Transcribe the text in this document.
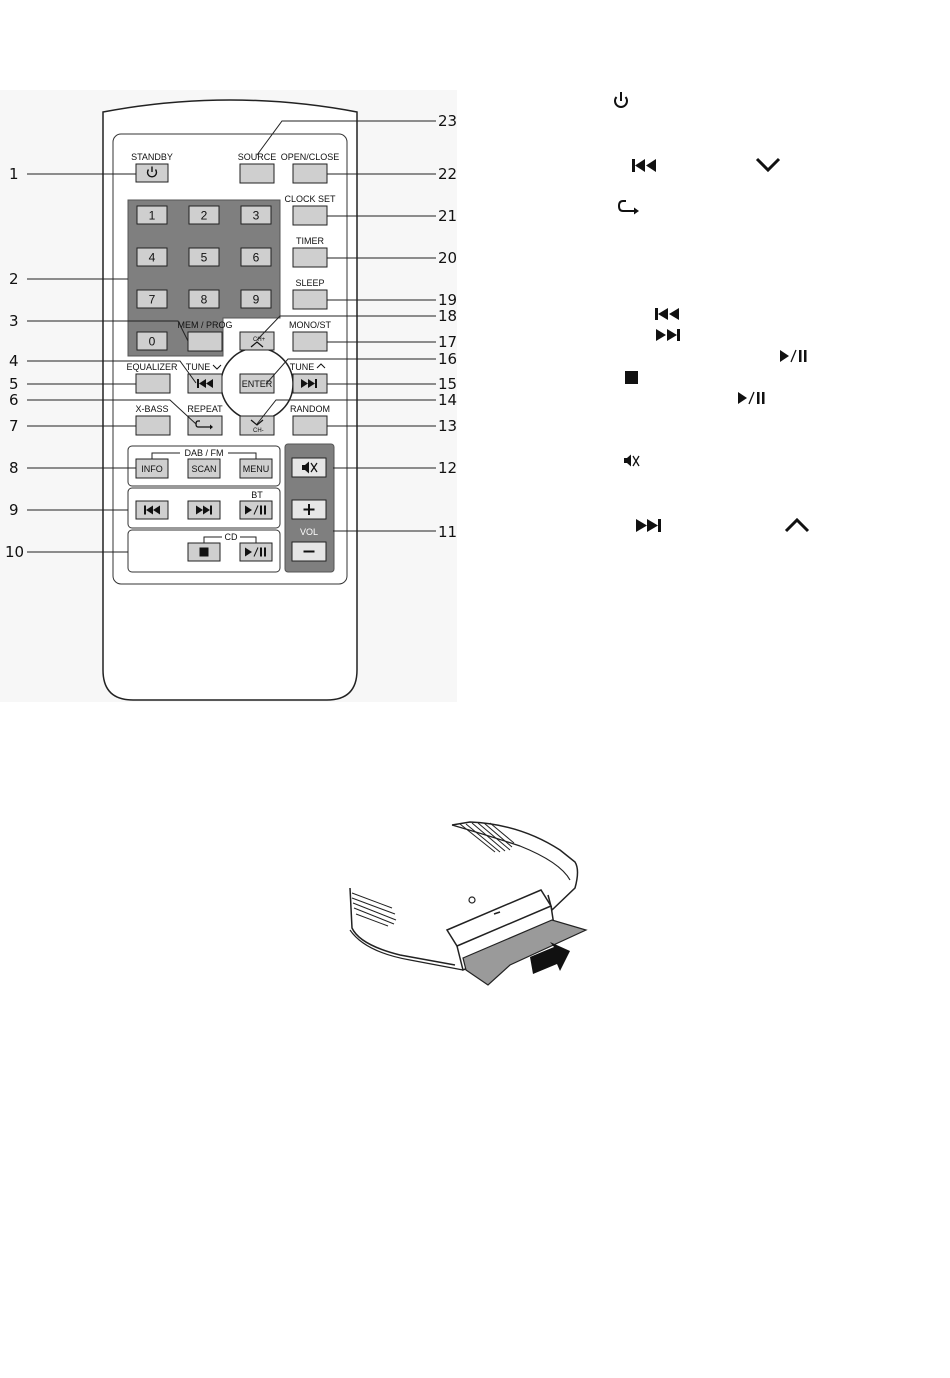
STANDBY	SOURCE OPEN/CLOSE
CLOCK SET
TIMER
SLEEP
1	2	3
4	5	6
7	8	9
0
MEM / PROG
CH+
MONO/ST
EQUALIZER TUNE
ENTER
TUNE
X-BASS REPEAT
CH-
RANDOM
DAB / FM
INFO	SCAN	MENU
BT
CD	VOL
1
2
3
4
5
6
7
8
9
10
23
22
21
20
19
18
17
16
15
14
13
12
11
